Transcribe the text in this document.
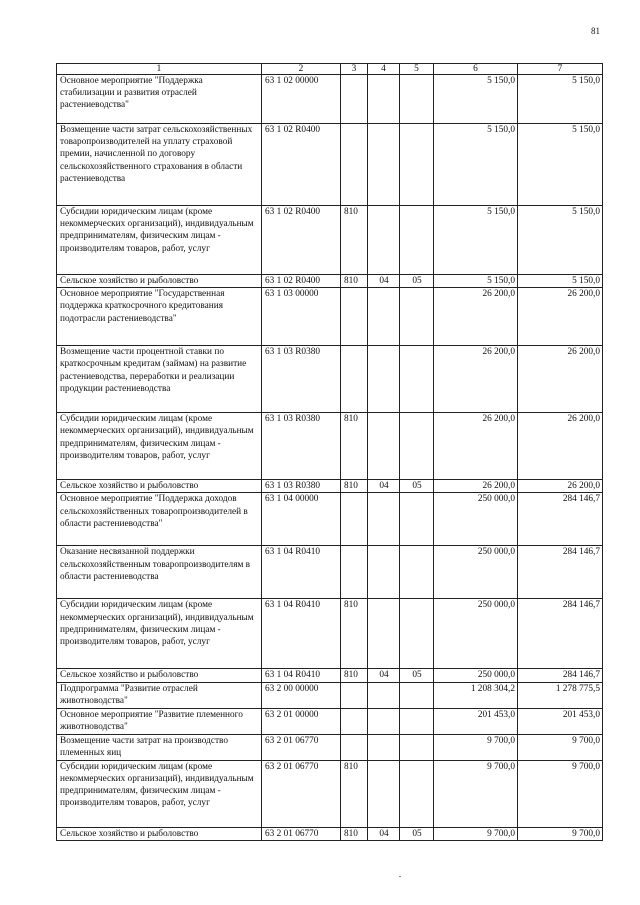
81
1	2	3	4	5	6	7
Основное мероприятие "Поддержка стабилизации и развития отраслей растениеводства"	63 1 02 00000				5 150,0	5 150,0
Возмещение части затрат сельскохозяйственных товаропроизводителей на уплату страховой премии, начисленной по договору сельскохозяйственного страхования в области растениеводства	63 1 02 R0400				5 150,0	5 150,0
Субсидии юридическим лицам (кроме некоммерческих организаций), индивидуальным предпринимателям, физическим лицам - производителям товаров, работ, услуг	63 1 02 R0400	810			5 150,0	5 150,0
Сельское хозяйство и рыболовство	63 1 02 R0400	810	04	05	5 150,0	5 150,0
Основное мероприятие "Государственная поддержка краткосрочного кредитования подотрасли растениеводства"	63 1 03 00000				26 200,0	26 200,0
Возмещение части процентной ставки по краткосрочным кредитам (займам) на развитие растениеводства, переработки и реализации продукции растениеводства	63 1 03 R0380				26 200,0	26 200,0
Субсидии юридическим лицам (кроме некоммерческих организаций), индивидуальным предпринимателям, физическим лицам - производителям товаров, работ, услуг	63 1 03 R0380	810			26 200,0	26 200,0
Сельское хозяйство и рыболовство	63 1 03 R0380	810	04	05	26 200,0	26 200,0
Основное мероприятие "Поддержка доходов сельскохозяйственных товаропроизводителей в области растениеводства"	63 1 04 00000				250 000,0	284 146,7
Оказание несвязанной поддержки сельскохозяйственным товаропроизводителям в области растениеводства	63 1 04 R0410				250 000,0	284 146,7
Субсидии юридическим лицам (кроме некоммерческих организаций), индивидуальным предпринимателям, физическим лицам - производителям товаров, работ, услуг	63 1 04 R0410	810			250 000,0	284 146,7
Сельское хозяйство и рыболовство	63 1 04 R0410	810	04	05	250 000,0	284 146,7
Подпрограмма "Развитие отраслей животноводства"	63 2 00 00000				1 208 304,2	1 278 775,5
Основное мероприятие "Развитие племенного животноводства"	63 2 01 00000				201 453,0	201 453,0
Возмещение части затрат на производство племенных яиц	63 2 01 06770				9 700,0	9 700,0
Субсидии юридическим лицам (кроме некоммерческих организаций), индивидуальным предпринимателям, физическим лицам - производителям товаров, работ, услуг	63 2 01 06770	810			9 700,0	9 700,0
Сельское хозяйство и рыболовство	63 2 01 06770	810	04	05	9 700,0	9 700,0
